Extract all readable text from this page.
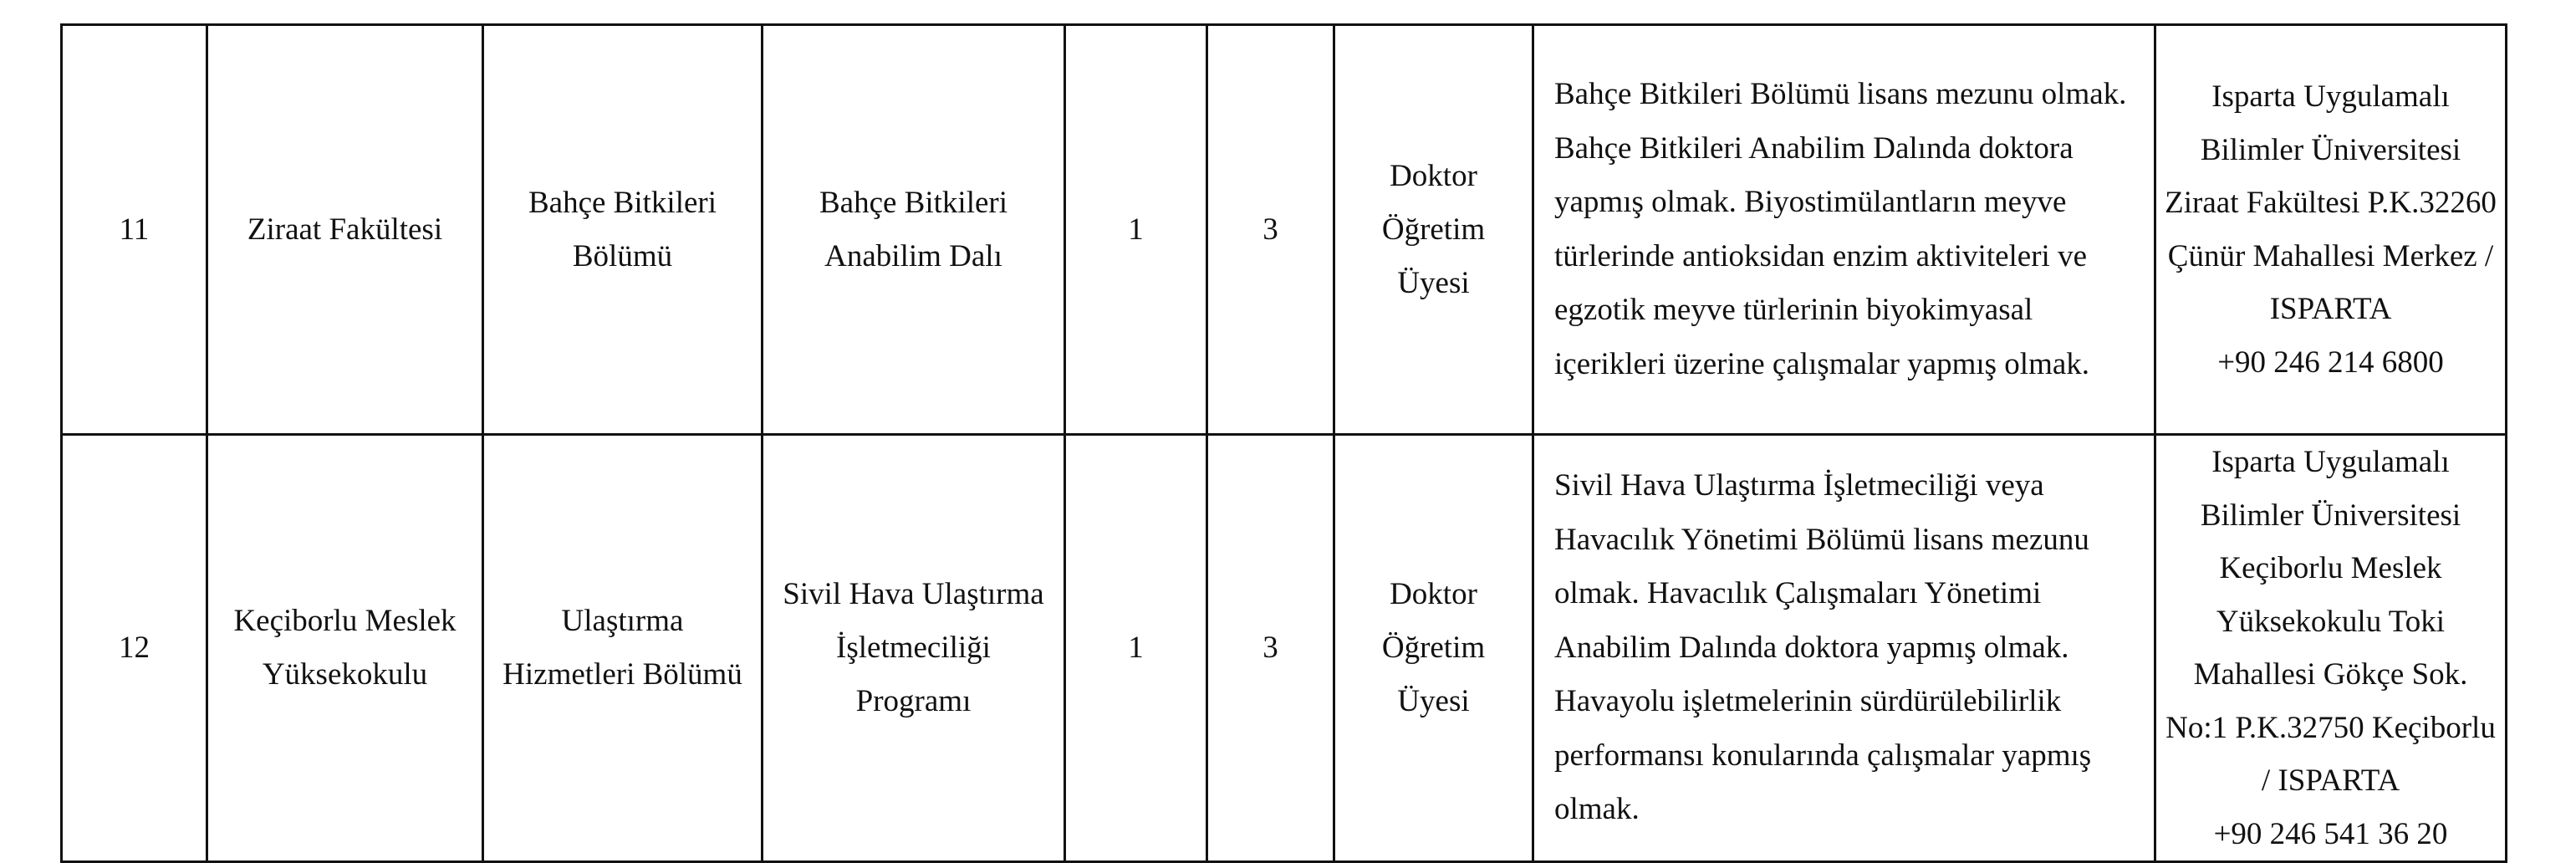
11	Ziraat Fakültesi	Bahçe Bitkileri Bölümü	Bahçe Bitkileri Anabilim Dalı	1	3	Doktor Öğretim Üyesi	Bahçe Bitkileri Bölümü lisans mezunu olmak. Bahçe Bitkileri Anabilim Dalında doktora yapmış olmak. Biyostimülantların meyve türlerinde antioksidan enzim aktiviteleri ve egzotik meyve türlerinin biyokimyasal içerikleri üzerine çalışmalar yapmış olmak.	Isparta Uygulamalı Bilimler Üniversitesi Ziraat Fakültesi P.K.32260 Çünür Mahallesi Merkez / ISPARTA
+90 246 214 6800

12	Keçiborlu Meslek Yüksekokulu	Ulaştırma Hizmetleri Bölümü	Sivil Hava Ulaştırma İşletmeciliği Programı	1	3	Doktor Öğretim Üyesi	Sivil Hava Ulaştırma İşletmeciliği veya Havacılık Yönetimi Bölümü lisans mezunu olmak. Havacılık Çalışmaları Yönetimi Anabilim Dalında doktora yapmış olmak. Havayolu işletmelerinin sürdürülebilirlik performansı konularında çalışmalar yapmış olmak.	Isparta Uygulamalı Bilimler Üniversitesi Keçiborlu Meslek Yüksekokulu Toki Mahallesi Gökçe Sok. No:1 P.K.32750 Keçiborlu / ISPARTA
+90 246 541 36 20
